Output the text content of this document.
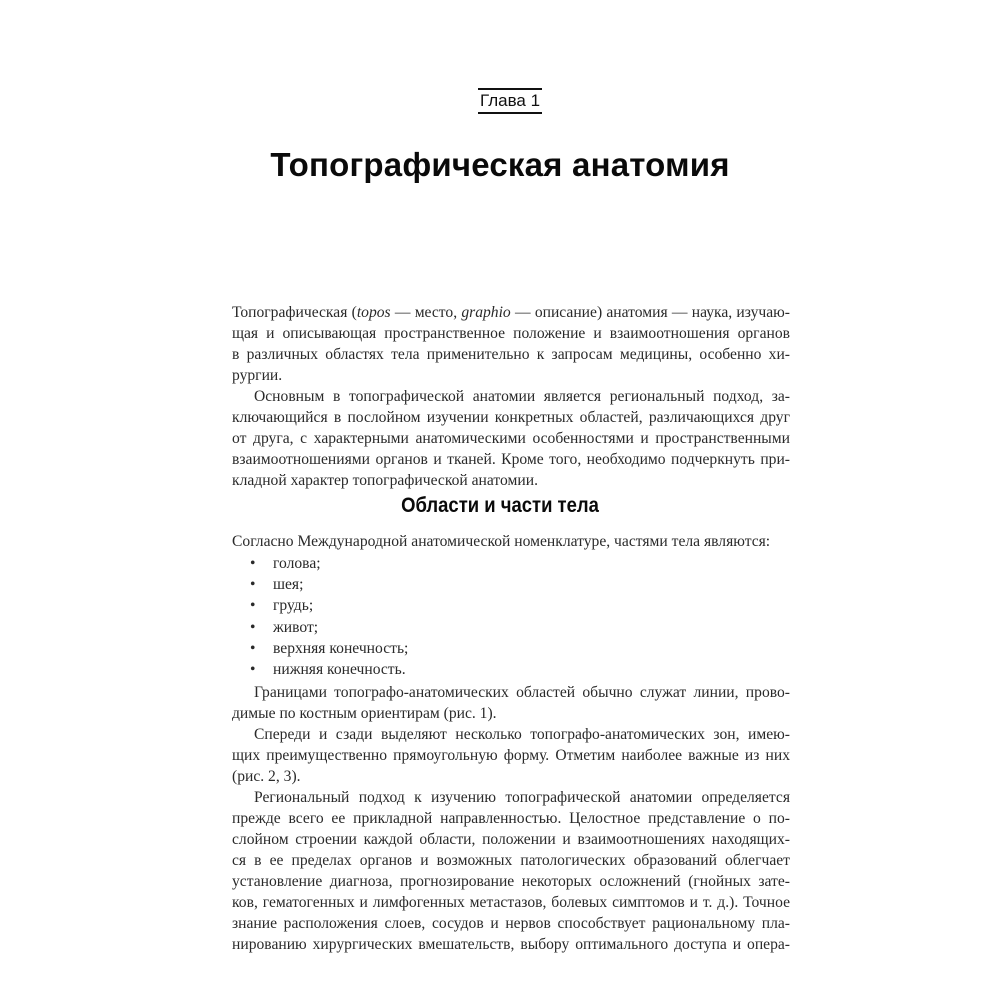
Глава 1
Топографическая анатомия
Топографическая (topos — место, graphio — описание) анатомия — наука, изучаю-
щая и описывающая пространственное положение и взаимоотношения органов
в различных областях тела применительно к запросам медицины, особенно хи-
рургии.
Основным в топографической анатомии является региональный подход, за-
ключающийся в послойном изучении конкретных областей, различающихся друг
от друга, с характерными анатомическими особенностями и пространственными
взаимоотношениями органов и тканей. Кроме того, необходимо подчеркнуть при-
кладной характер топографической анатомии.
Области и части тела
Согласно Международной анатомической номенклатуре, частями тела являются:
• голова;
• шея;
• грудь;
• живот;
• верхняя конечность;
• нижняя конечность.
Границами топографо-анатомических областей обычно служат линии, прово-
димые по костным ориентирам (рис. 1).
Спереди и сзади выделяют несколько топографо-анатомических зон, имею-
щих преимущественно прямоугольную форму. Отметим наиболее важные из них
(рис. 2, 3).
Региональный подход к изучению топографической анатомии определяется
прежде всего ее прикладной направленностью. Целостное представление о по-
слойном строении каждой области, положении и взаимоотношениях находящих-
ся в ее пределах органов и возможных патологических образований облегчает
установление диагноза, прогнозирование некоторых осложнений (гнойных зате-
ков, гематогенных и лимфогенных метастазов, болевых симптомов и т. д.). Точное
знание расположения слоев, сосудов и нервов способствует рациональному пла-
нированию хирургических вмешательств, выбору оптимального доступа и опера-
